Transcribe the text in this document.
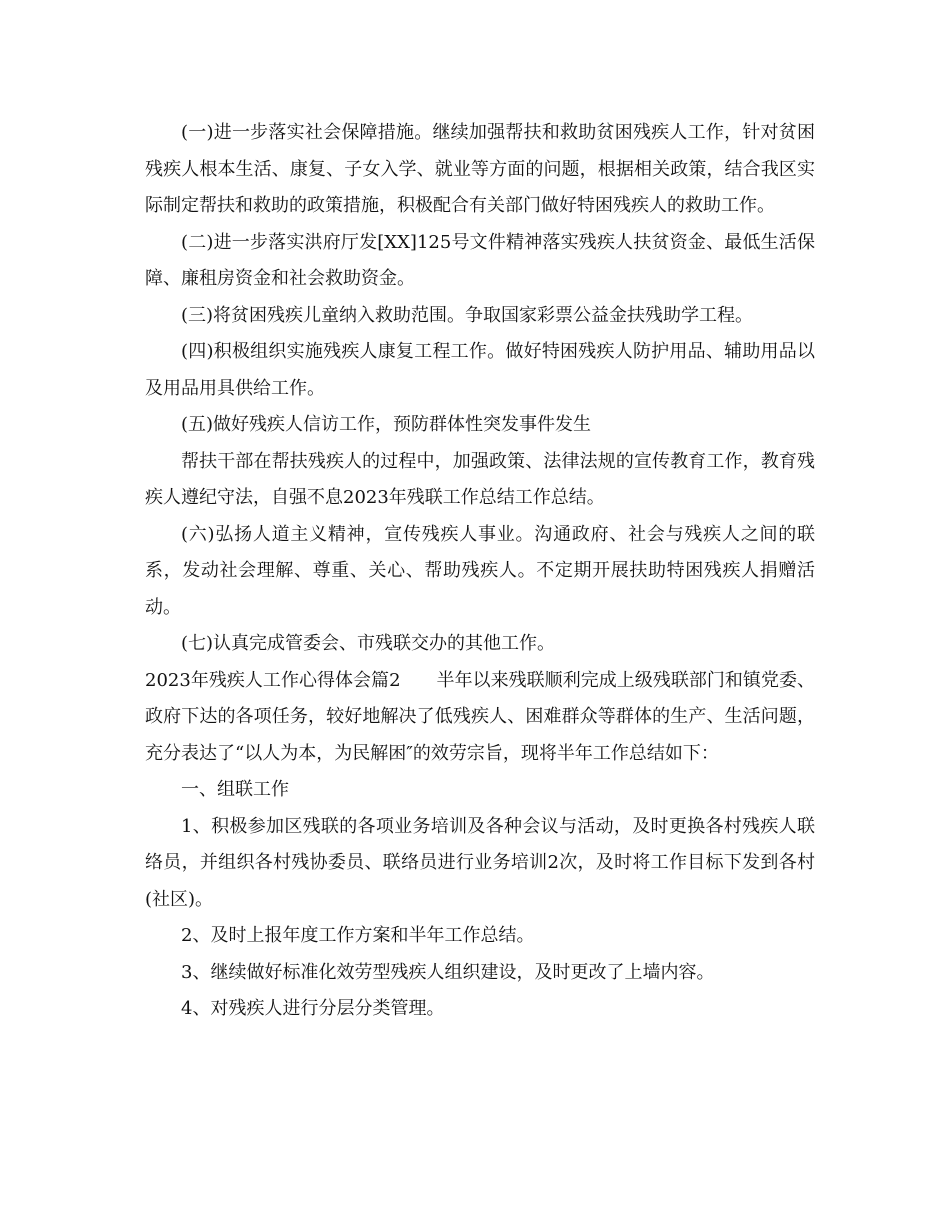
(一)进一步落实社会保障措施。继续加强帮扶和救助贫困残疾人工作，针对贫困残疾人根本生活、康复、子女入学、就业等方面的问题，根据相关政策，结合我区实际制定帮扶和救助的政策措施，积极配合有关部门做好特困残疾人的救助工作。

(二)进一步落实洪府厅发[XX]125号文件精神落实残疾人扶贫资金、最低生活保障、廉租房资金和社会救助资金。

(三)将贫困残疾儿童纳入救助范围。争取国家彩票公益金扶残助学工程。

(四)积极组织实施残疾人康复工程工作。做好特困残疾人防护用品、辅助用品以及用品用具供给工作。

(五)做好残疾人信访工作，预防群体性突发事件发生

帮扶干部在帮扶残疾人的过程中，加强政策、法律法规的宣传教育工作，教育残疾人遵纪守法，自强不息2023年残联工作总结工作总结。

(六)弘扬人道主义精神，宣传残疾人事业。沟通政府、社会与残疾人之间的联系，发动社会理解、尊重、关心、帮助残疾人。不定期开展扶助特困残疾人捐赠活动。

(七)认真完成管委会、市残联交办的其他工作。

2023年残疾人工作心得体会篇2 半年以来残联顺利完成上级残联部门和镇党委、政府下达的各项任务，较好地解决了低残疾人、困难群众等群体的生产、生活问题，充分表达了“以人为本，为民解困″的效劳宗旨，现将半年工作总结如下：

一、组联工作

1、积极参加区残联的各项业务培训及各种会议与活动，及时更换各村残疾人联络员，并组织各村残协委员、联络员进行业务培训2次，及时将工作目标下发到各村(社区)。

2、及时上报年度工作方案和半年工作总结。

3、继续做好标准化效劳型残疾人组织建设，及时更改了上墙内容。

4、对残疾人进行分层分类管理。
